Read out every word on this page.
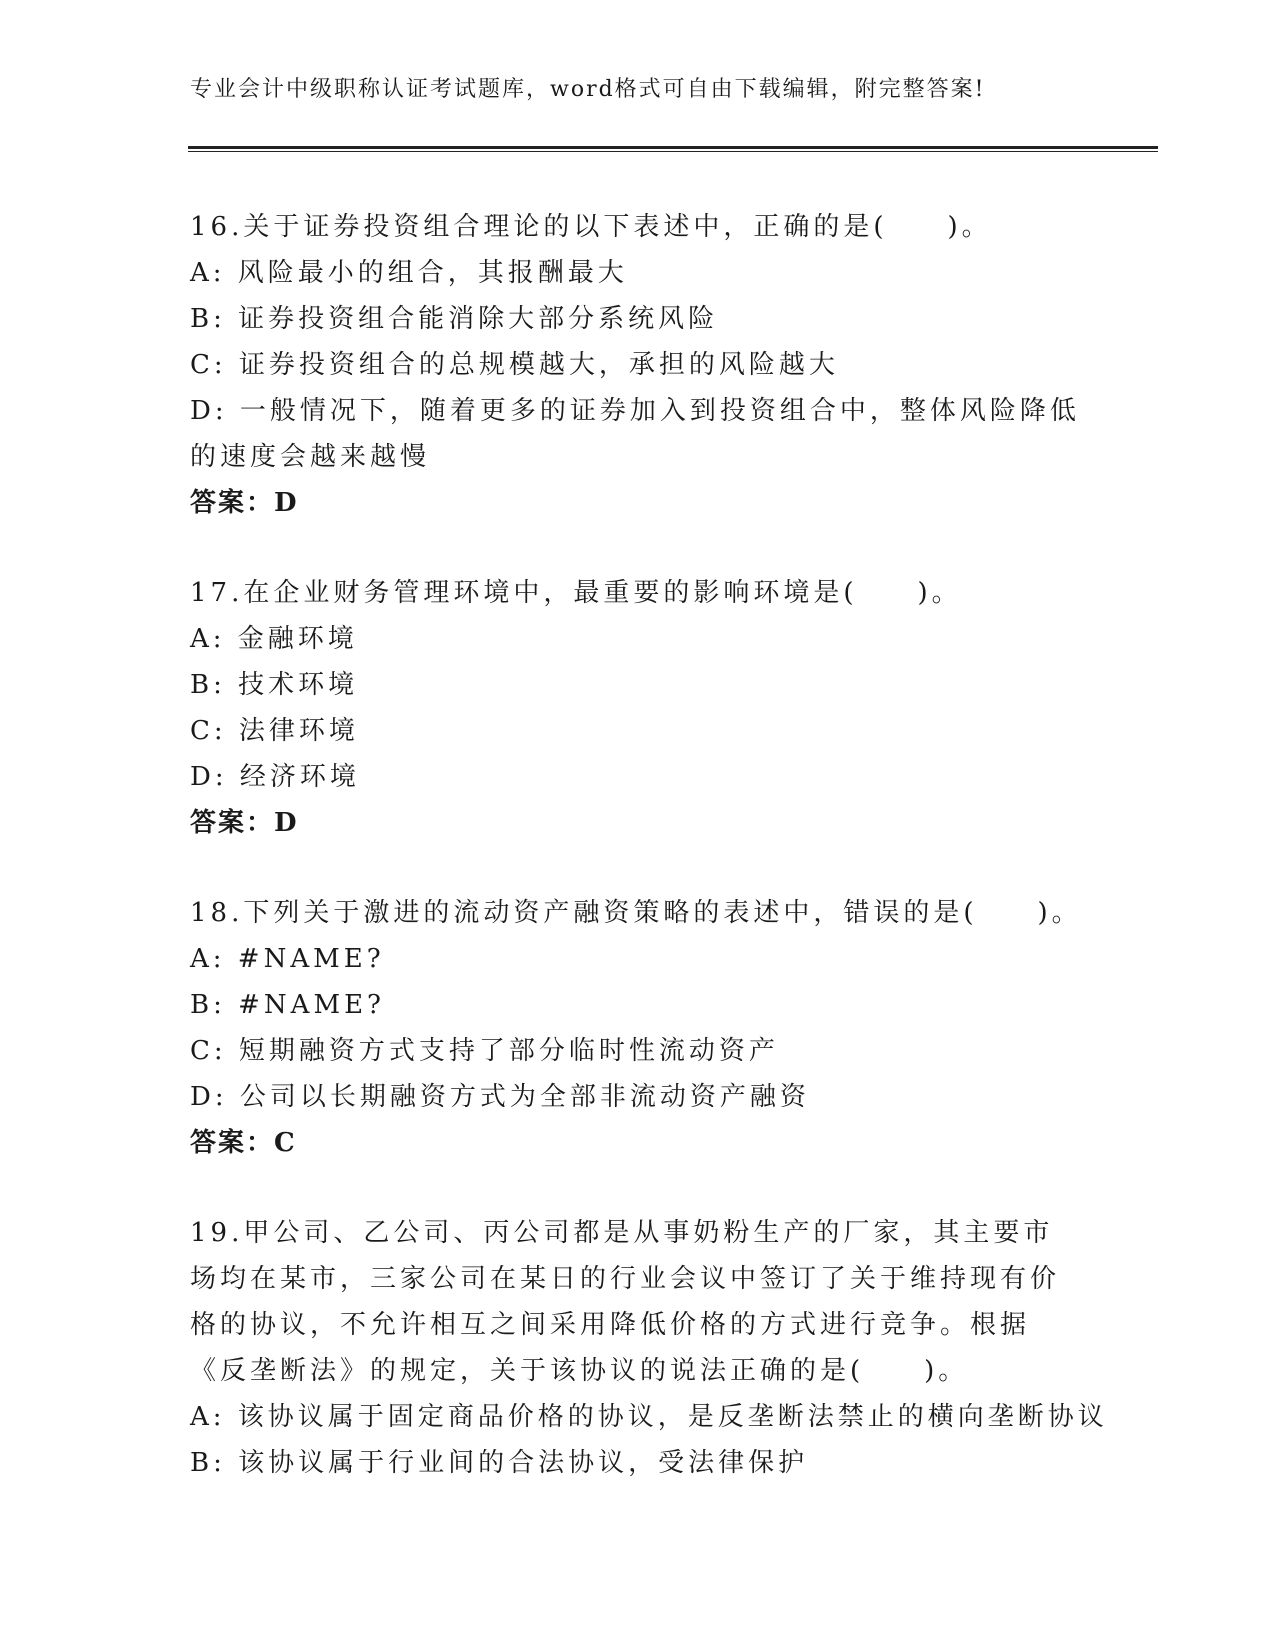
专业会计中级职称认证考试题库，word格式可自由下载编辑，附完整答案!

16.关于证券投资组合理论的以下表述中，正确的是(　　)。

A: 风险最小的组合，其报酬最大

B: 证券投资组合能消除大部分系统风险

C: 证券投资组合的总规模越大，承担的风险越大

D: 一般情况下，随着更多的证券加入到投资组合中，整体风险降低的速度会越来越慢

答案：D

17.在企业财务管理环境中，最重要的影响环境是(　　)。

A: 金融环境

B: 技术环境

C: 法律环境

D: 经济环境

答案：D

18.下列关于激进的流动资产融资策略的表述中，错误的是(　　)。

A: #NAME?

B: #NAME?

C: 短期融资方式支持了部分临时性流动资产

D: 公司以长期融资方式为全部非流动资产融资

答案：C

19.甲公司、乙公司、丙公司都是从事奶粉生产的厂家，其主要市场均在某市，三家公司在某日的行业会议中签订了关于维持现有价格的协议，不允许相互之间采用降低价格的方式进行竞争。根据《反垄断法》的规定，关于该协议的说法正确的是(　　)。

A: 该协议属于固定商品价格的协议，是反垄断法禁止的横向垄断协议

B: 该协议属于行业间的合法协议，受法律保护
